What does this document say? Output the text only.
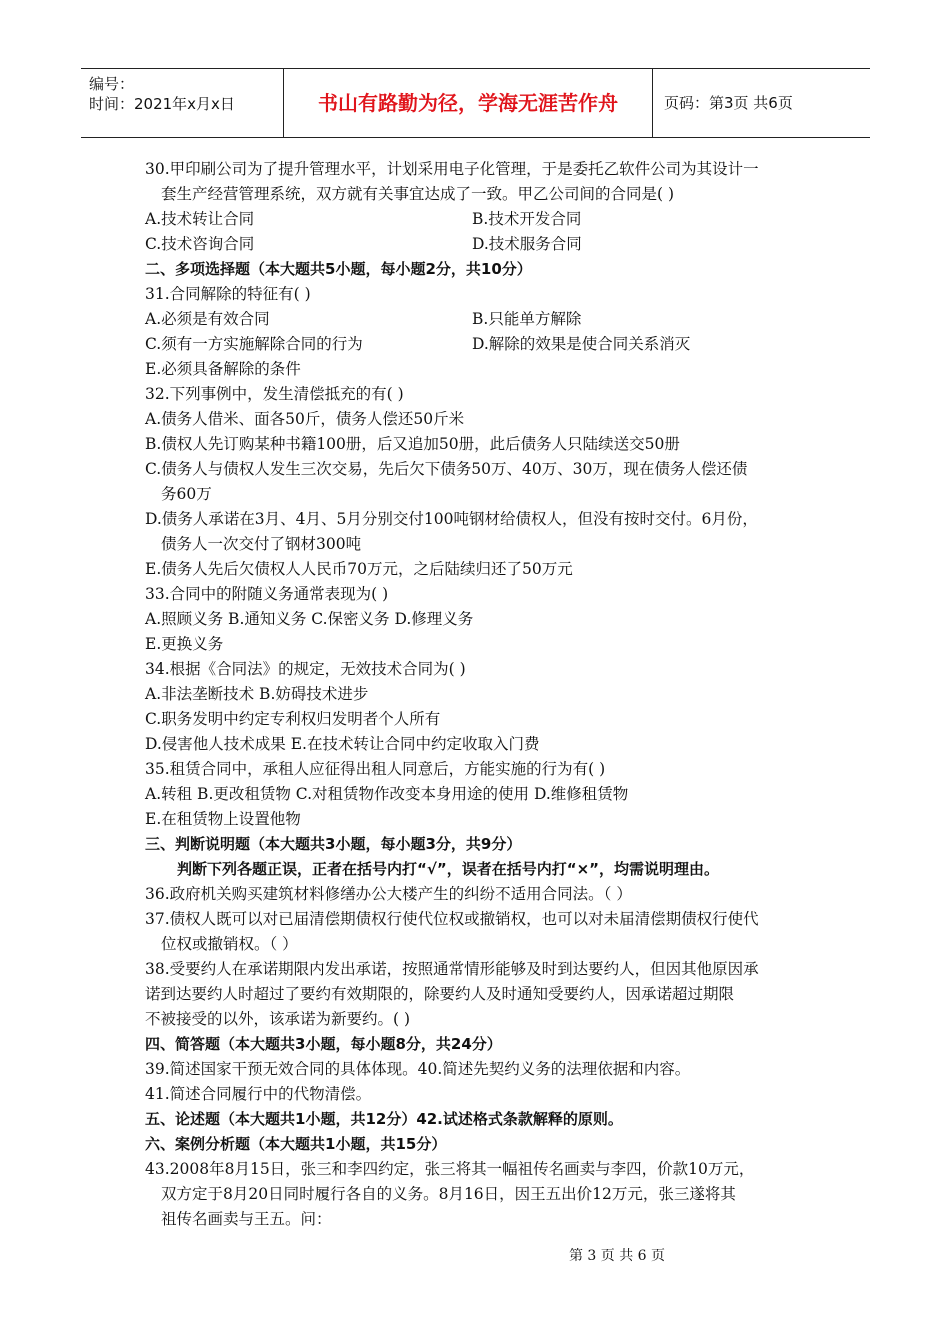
编号：
时间：2021年x月x日	书山有路勤为径，学海无涯苦作舟	页码：第3页 共6页
30.甲印刷公司为了提升管理水平，计划采用电子化管理，于是委托乙软件公司为其设计一
套生产经营管理系统，双方就有关事宜达成了一致。甲乙公司间的合同是( )
A.技术转让合同	B.技术开发合同
C.技术咨询合同	D.技术服务合同
二、多项选择题（本大题共5小题，每小题2分，共10分）
31.合同解除的特征有( )
A.必须是有效合同	B.只能单方解除
C.须有一方实施解除合同的行为	D.解除的效果是使合同关系消灭
E.必须具备解除的条件
32.下列事例中，发生清偿抵充的有( )
A.债务人借米、面各50斤，债务人偿还50斤米
B.债权人先订购某种书籍100册，后又追加50册，此后债务人只陆续送交50册
C.债务人与债权人发生三次交易，先后欠下债务50万、40万、30万，现在债务人偿还债
务60万
D.债务人承诺在3月、4月、5月分别交付100吨钢材给债权人，但没有按时交付。6月份，
债务人一次交付了钢材300吨
E.债务人先后欠债权人人民币70万元，之后陆续归还了50万元
33.合同中的附随义务通常表现为( )
A.照顾义务 B.通知义务 C.保密义务 D.修理义务
E.更换义务
34.根据《合同法》的规定，无效技术合同为( )
A.非法垄断技术 B.妨碍技术进步
C.职务发明中约定专利权归发明者个人所有
D.侵害他人技术成果 E.在技术转让合同中约定收取入门费
35.租赁合同中，承租人应征得出租人同意后，方能实施的行为有( )
A.转租 B.更改租赁物 C.对租赁物作改变本身用途的使用 D.维修租赁物
E.在租赁物上设置他物
三、判断说明题（本大题共3小题，每小题3分，共9分）
判断下列各题正误，正者在括号内打“√”，误者在括号内打“×”，均需说明理由。
36.政府机关购买建筑材料修缮办公大楼产生的纠纷不适用合同法。（ ）
37.债权人既可以对已届清偿期债权行使代位权或撤销权，也可以对未届清偿期债权行使代
位权或撤销权。（ ）
38.受要约人在承诺期限内发出承诺，按照通常情形能够及时到达要约人，但因其他原因承
诺到达要约人时超过了要约有效期限的，除要约人及时通知受要约人，因承诺超过期限
不被接受的以外，该承诺为新要约。( )
四、简答题（本大题共3小题，每小题8分，共24分）
39.简述国家干预无效合同的具体体现。40.简述先契约义务的法理依据和内容。
41.简述合同履行中的代物清偿。
五、论述题（本大题共1小题，共12分）42.试述格式条款解释的原则。
六、案例分析题（本大题共1小题，共15分）
43.2008年8月15日，张三和李四约定，张三将其一幅祖传名画卖与李四，价款10万元，
双方定于8月20日同时履行各自的义务。8月16日，因王五出价12万元，张三遂将其
祖传名画卖与王五。问：
第 3 页 共 6 页
